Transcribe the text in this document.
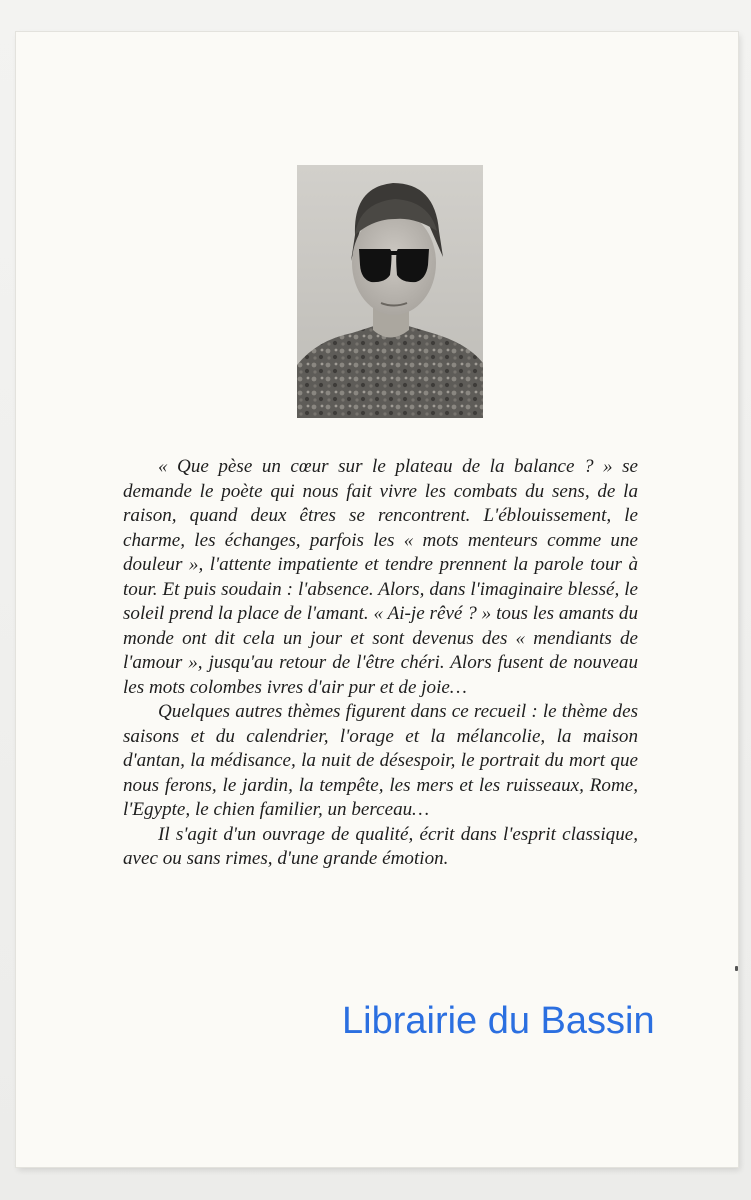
« Que pèse un cœur sur le plateau de la balance ? » se demande le poète qui nous fait vivre les combats du sens, de la raison, quand deux êtres se rencontrent. L'éblouissement, le charme, les échanges, parfois les « mots menteurs comme une douleur », l'attente impatiente et tendre prennent la parole tour à tour. Et puis soudain : l'absence. Alors, dans l'imaginaire blessé, le soleil prend la place de l'amant. « Ai-je rêvé ? » tous les amants du monde ont dit cela un jour et sont devenus des « mendiants de l'amour », jusqu'au retour de l'être chéri. Alors fusent de nouveau les mots colombes ivres d'air pur et de joie…

Quelques autres thèmes figurent dans ce recueil : le thème des saisons et du calendrier, l'orage et la mélancolie, la maison d'antan, la médisance, la nuit de désespoir, le portrait du mort que nous ferons, le jardin, la tempête, les mers et les ruisseaux, Rome, l'Egypte, le chien familier, un berceau…

Il s'agit d'un ouvrage de qualité, écrit dans l'esprit classique, avec ou sans rimes, d'une grande émotion.

Librairie du Bassin
